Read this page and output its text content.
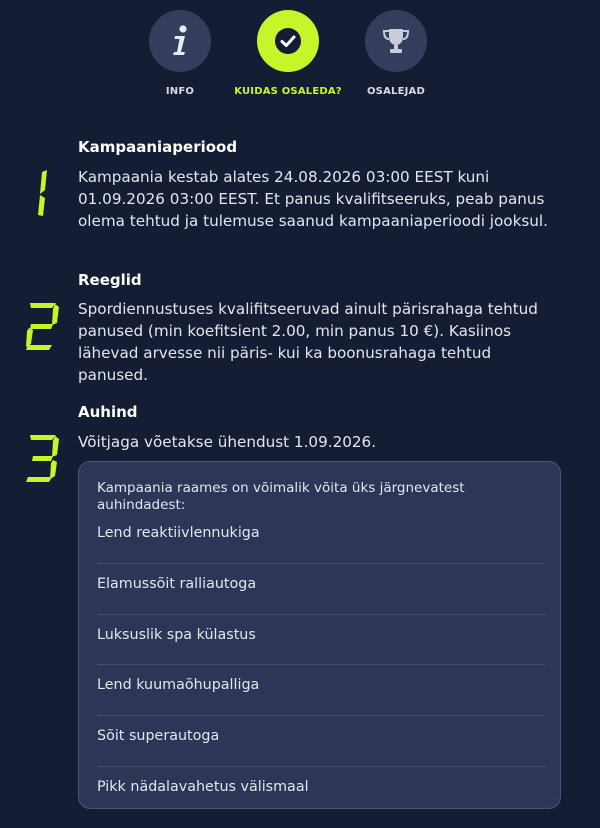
INFO	KUIDAS OSALEDA?	OSALEJAD
Kampaaniaperiood
Kampaania kestab alates 24.08.2026 03:00 EEST kuni 01.09.2026 03:00 EEST. Et panus kvalifitseeruks, peab panus olema tehtud ja tulemuse saanud kampaaniaperioodi jooksul.
Reeglid
Spordiennustuses kvalifitseeruvad ainult pärisrahaga tehtud panused (min koefitsient 2.00, min panus 10 €). Kasiinos lähevad arvesse nii päris- kui ka boonusrahaga tehtud panused.
Auhind
Võitjaga võetakse ühendust 1.09.2026.
Kampaania raames on võimalik võita üks järgnevatest auhindadest:
Lend reaktiivlennukiga
Elamussõit ralliautoga
Luksuslik spa külastus
Lend kuumaõhupalliga
Sõit superautoga
Pikk nädalavahetus välismaal
